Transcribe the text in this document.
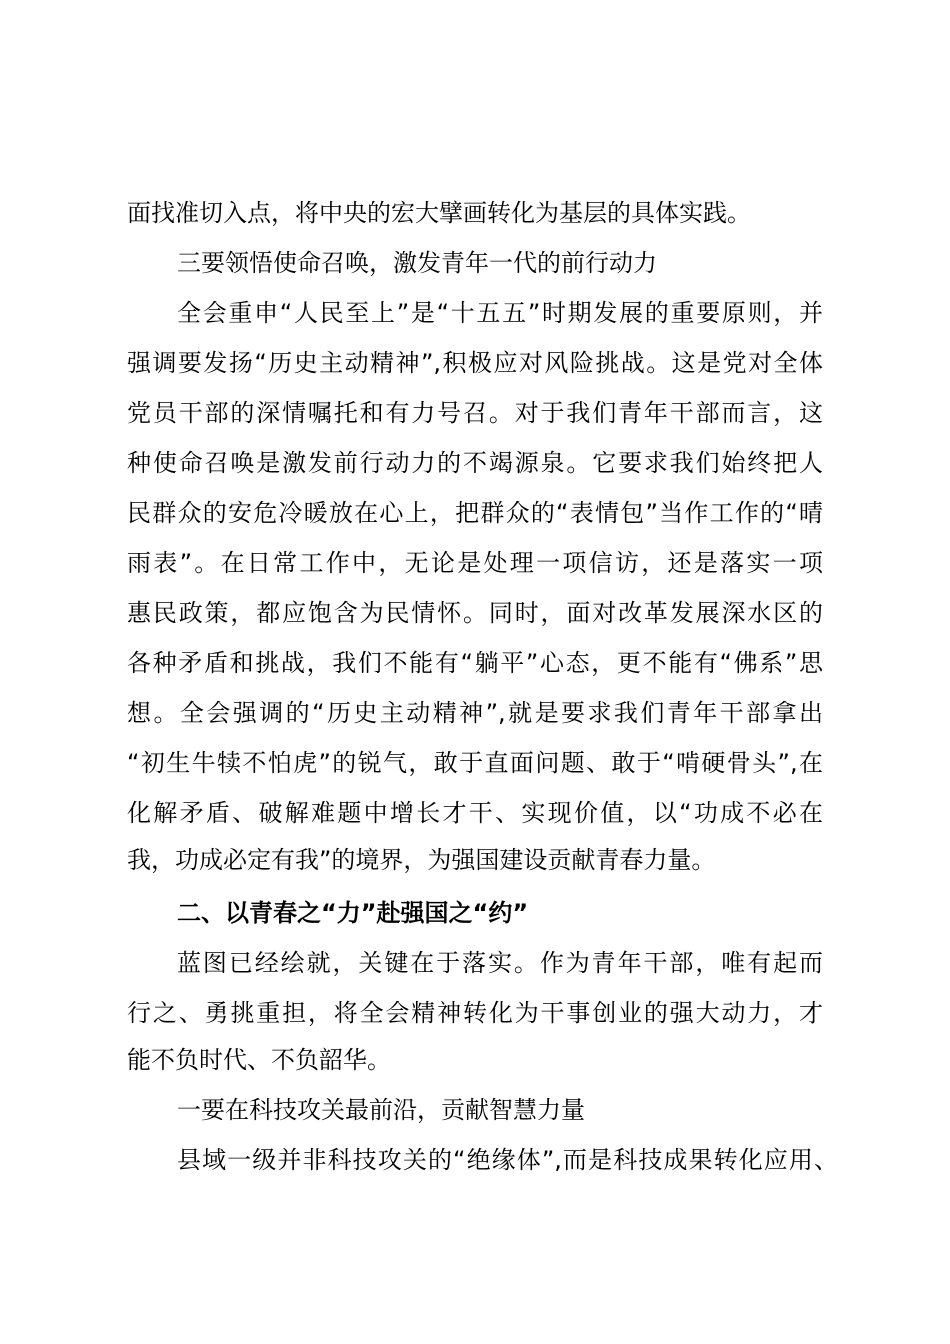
面找准切入点，将中央的宏大擘画转化为基层的具体实践。
三要领悟使命召唤，激发青年一代的前行动力
全会重申“人民至上”是“十五五”时期发展的重要原则，并
强调要发扬“历史主动精神”,积极应对风险挑战。这是党对全体
党员干部的深情嘱托和有力号召。对于我们青年干部而言，这
种使命召唤是激发前行动力的不竭源泉。它要求我们始终把人
民群众的安危冷暖放在心上，把群众的“表情包”当作工作的“晴
雨表”。在日常工作中，无论是处理一项信访，还是落实一项
惠民政策，都应饱含为民情怀。同时，面对改革发展深水区的
各种矛盾和挑战，我们不能有“躺平”心态，更不能有“佛系”思
想。全会强调的“历史主动精神”,就是要求我们青年干部拿出
“初生牛犊不怕虎”的锐气，敢于直面问题、敢于“啃硬骨头”,在
化解矛盾、破解难题中增长才干、实现价值，以“功成不必在
我，功成必定有我”的境界，为强国建设贡献青春力量。
二、以青春之“力”赴强国之“约”
蓝图已经绘就，关键在于落实。作为青年干部，唯有起而
行之、勇挑重担，将全会精神转化为干事创业的强大动力，才
能不负时代、不负韶华。
一要在科技攻关最前沿，贡献智慧力量
县域一级并非科技攻关的“绝缘体”,而是科技成果转化应用、
